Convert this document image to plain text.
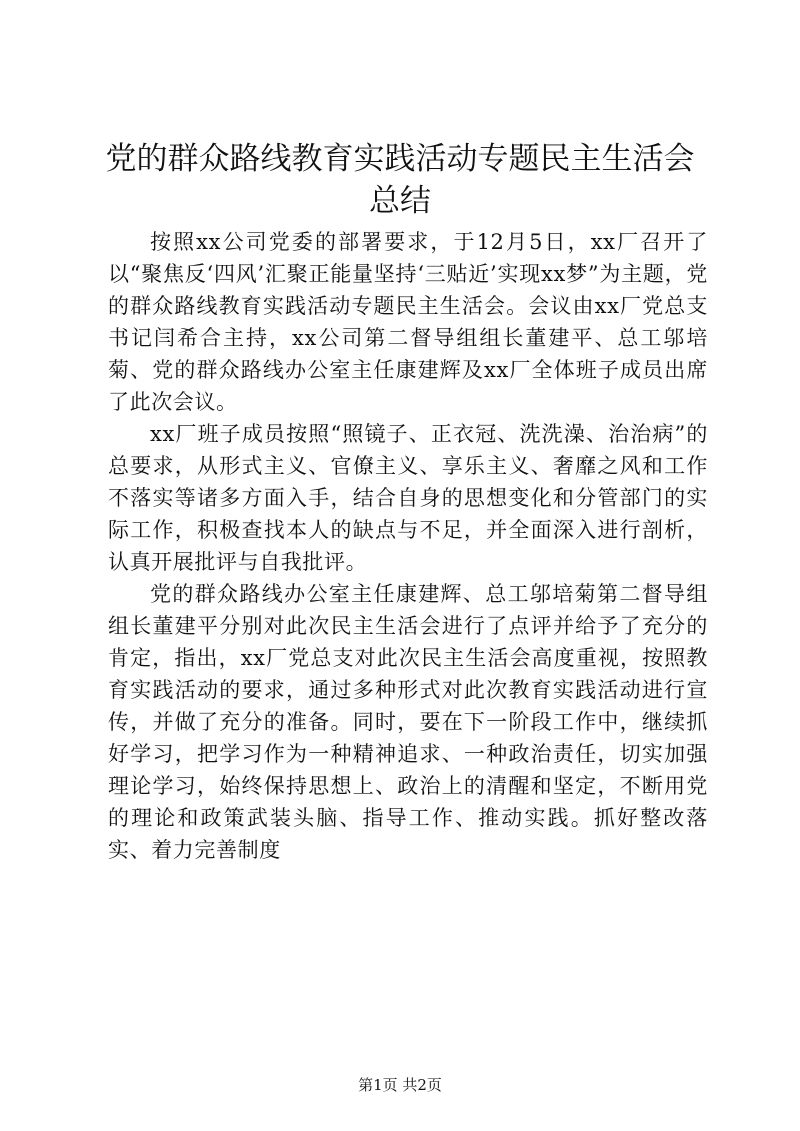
党的群众路线教育实践活动专题民主生活会总结

按照xx公司党委的部署要求，于12月5日，xx厂召开了以“聚焦反‘四风’汇聚正能量坚持‘三贴近’实现xx梦”为主题，党的群众路线教育实践活动专题民主生活会。会议由xx厂党总支书记闫希合主持，xx公司第二督导组组长董建平、总工邬培菊、党的群众路线办公室主任康建辉及xx厂全体班子成员出席了此次会议。

xx厂班子成员按照“照镜子、正衣冠、洗洗澡、治治病”的总要求，从形式主义、官僚主义、享乐主义、奢靡之风和工作不落实等诸多方面入手，结合自身的思想变化和分管部门的实际工作，积极查找本人的缺点与不足，并全面深入进行剖析，认真开展批评与自我批评。

党的群众路线办公室主任康建辉、总工邬培菊第二督导组组长董建平分别对此次民主生活会进行了点评并给予了充分的肯定，指出，xx厂党总支对此次民主生活会高度重视，按照教育实践活动的要求，通过多种形式对此次教育实践活动进行宣传，并做了充分的准备。同时，要在下一阶段工作中，继续抓好学习，把学习作为一种精神追求、一种政治责任，切实加强理论学习，始终保持思想上、政治上的清醒和坚定，不断用党的理论和政策武装头脑、指导工作、推动实践。抓好整改落实、着力完善制度

第1页 共2页
